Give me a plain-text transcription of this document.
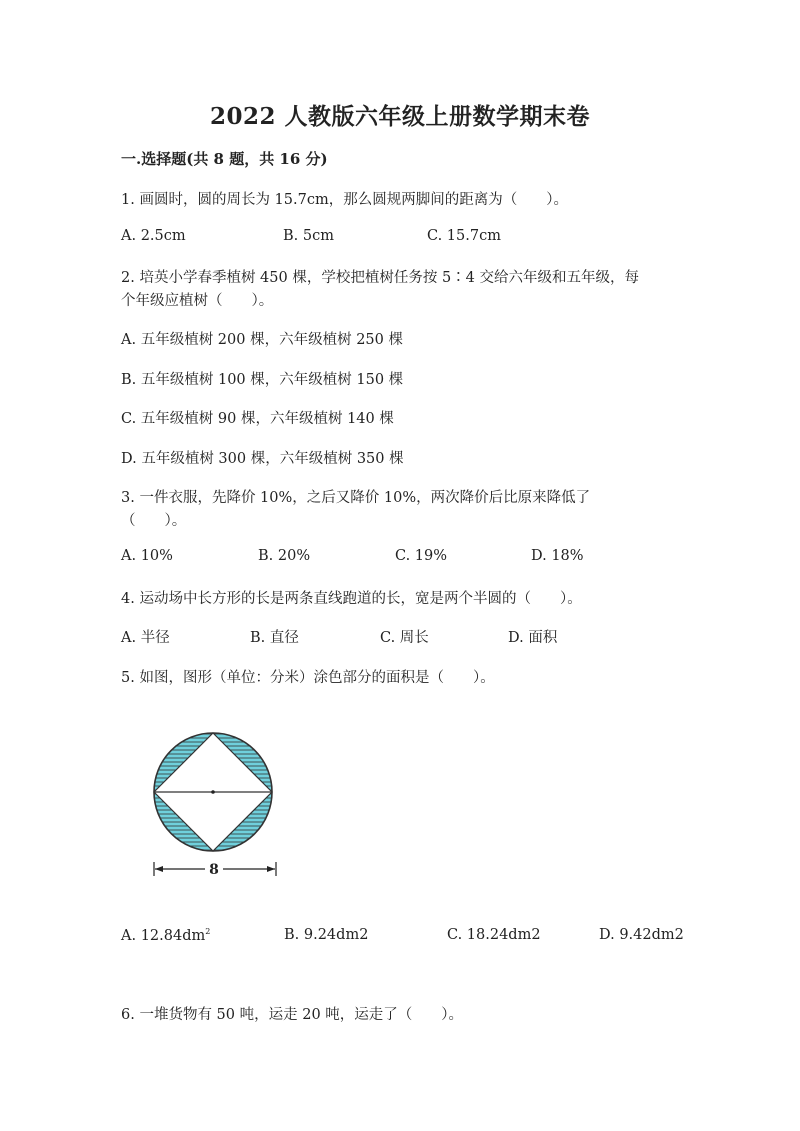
2022 人教版六年级上册数学期末卷
一.选择题(共 8 题，共 16 分)
1. 画圆时，圆的周长为 15.7cm，那么圆规两脚间的距离为（　　）。
A. 2.5cm	B. 5cm	C. 15.7cm
2. 培英小学春季植树 450 棵，学校把植树任务按 5∶4 交给六年级和五年级，每
个年级应植树（　　）。
A. 五年级植树 200 棵，六年级植树 250 棵
B. 五年级植树 100 棵，六年级植树 150 棵
C. 五年级植树 90 棵，六年级植树 140 棵
D. 五年级植树 300 棵，六年级植树 350 棵
3. 一件衣服，先降价 10%，之后又降价 10%，两次降价后比原来降低了
（　　）。
A. 10%	B. 20%	C. 19%	D. 18%
4. 运动场中长方形的长是两条直线跑道的长，宽是两个半圆的（　　）。
A. 半径	B. 直径	C. 周长	D. 面积
5. 如图，图形（单位：分米）涂色部分的面积是（　　）。
8
A. $12.84dm^2$	B. 9.24dm2	C. 18.24dm2	D. 9.42dm2
6. 一堆货物有 50 吨，运走 20 吨，运走了（　　）。
